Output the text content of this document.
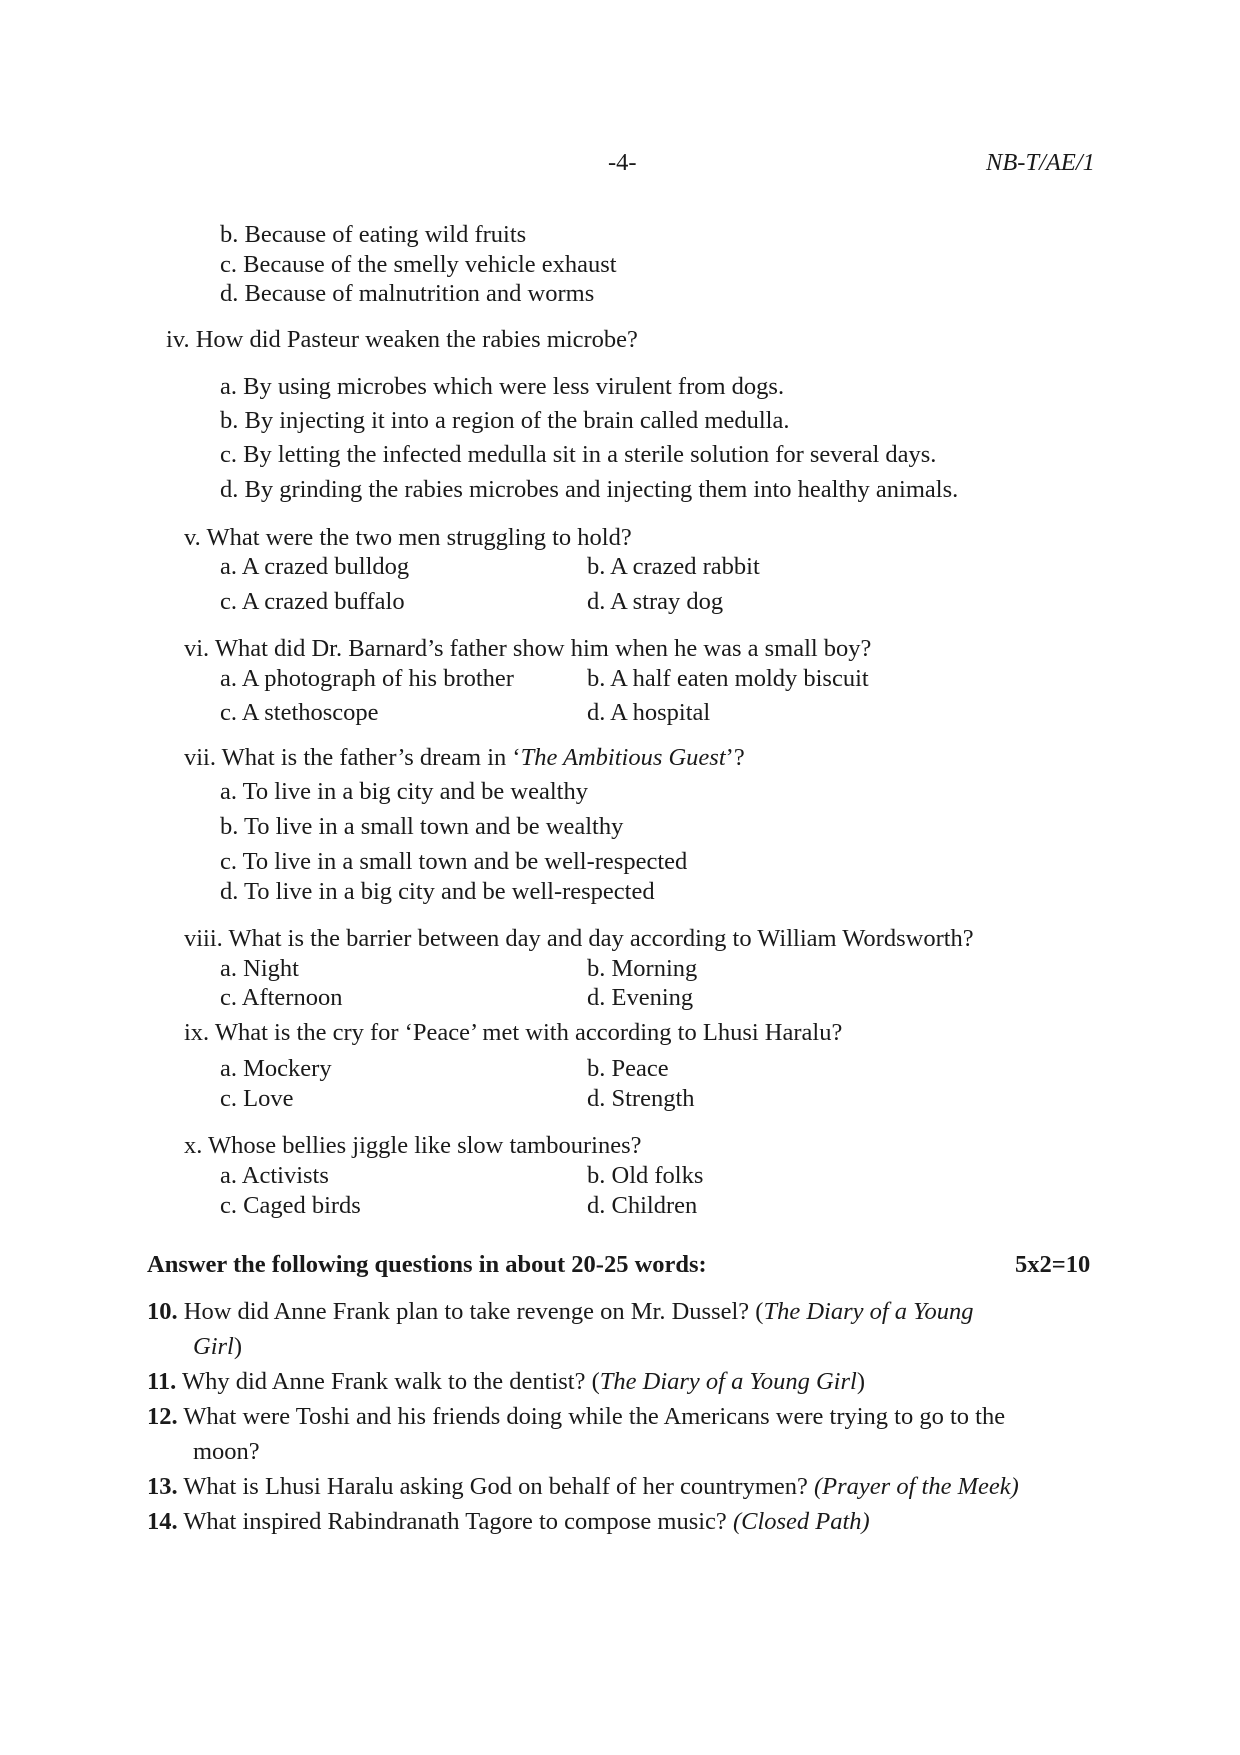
-4-	NB-T/AE/1
b. Because of eating wild fruits
c. Because of the smelly vehicle exhaust
d. Because of malnutrition and worms
iv. How did Pasteur weaken the rabies microbe?
a. By using microbes which were less virulent from dogs.
b. By injecting it into a region of the brain called medulla.
c. By letting the infected medulla sit in a sterile solution for several days.
d. By grinding the rabies microbes and injecting them into healthy animals.
v. What were the two men struggling to hold?
a. A crazed bulldog	b. A crazed rabbit
c. A crazed buffalo	d. A stray dog
vi. What did Dr. Barnard’s father show him when he was a small boy?
a. A photograph of his brother	b. A half eaten moldy biscuit
c. A stethoscope	d. A hospital
vii. What is the father’s dream in ‘The Ambitious Guest’?
a. To live in a big city and be wealthy
b. To live in a small town and be wealthy
c. To live in a small town and be well-respected
d. To live in a big city and be well-respected
viii. What is the barrier between day and day according to William Wordsworth?
a. Night	b. Morning
c. Afternoon	d. Evening
ix. What is the cry for ‘Peace’ met with according to Lhusi Haralu?
a. Mockery	b. Peace
c. Love	d. Strength
x. Whose bellies jiggle like slow tambourines?
a. Activists	b. Old folks
c. Caged birds	d. Children
Answer the following questions in about 20-25 words:	5x2=10
10. How did Anne Frank plan to take revenge on Mr. Dussel? (The Diary of a Young
Girl)
11. Why did Anne Frank walk to the dentist? (The Diary of a Young Girl)
12. What were Toshi and his friends doing while the Americans were trying to go to the
moon?
13. What is Lhusi Haralu asking God on behalf of her countrymen? (Prayer of the Meek)
14. What inspired Rabindranath Tagore to compose music? (Closed Path)
